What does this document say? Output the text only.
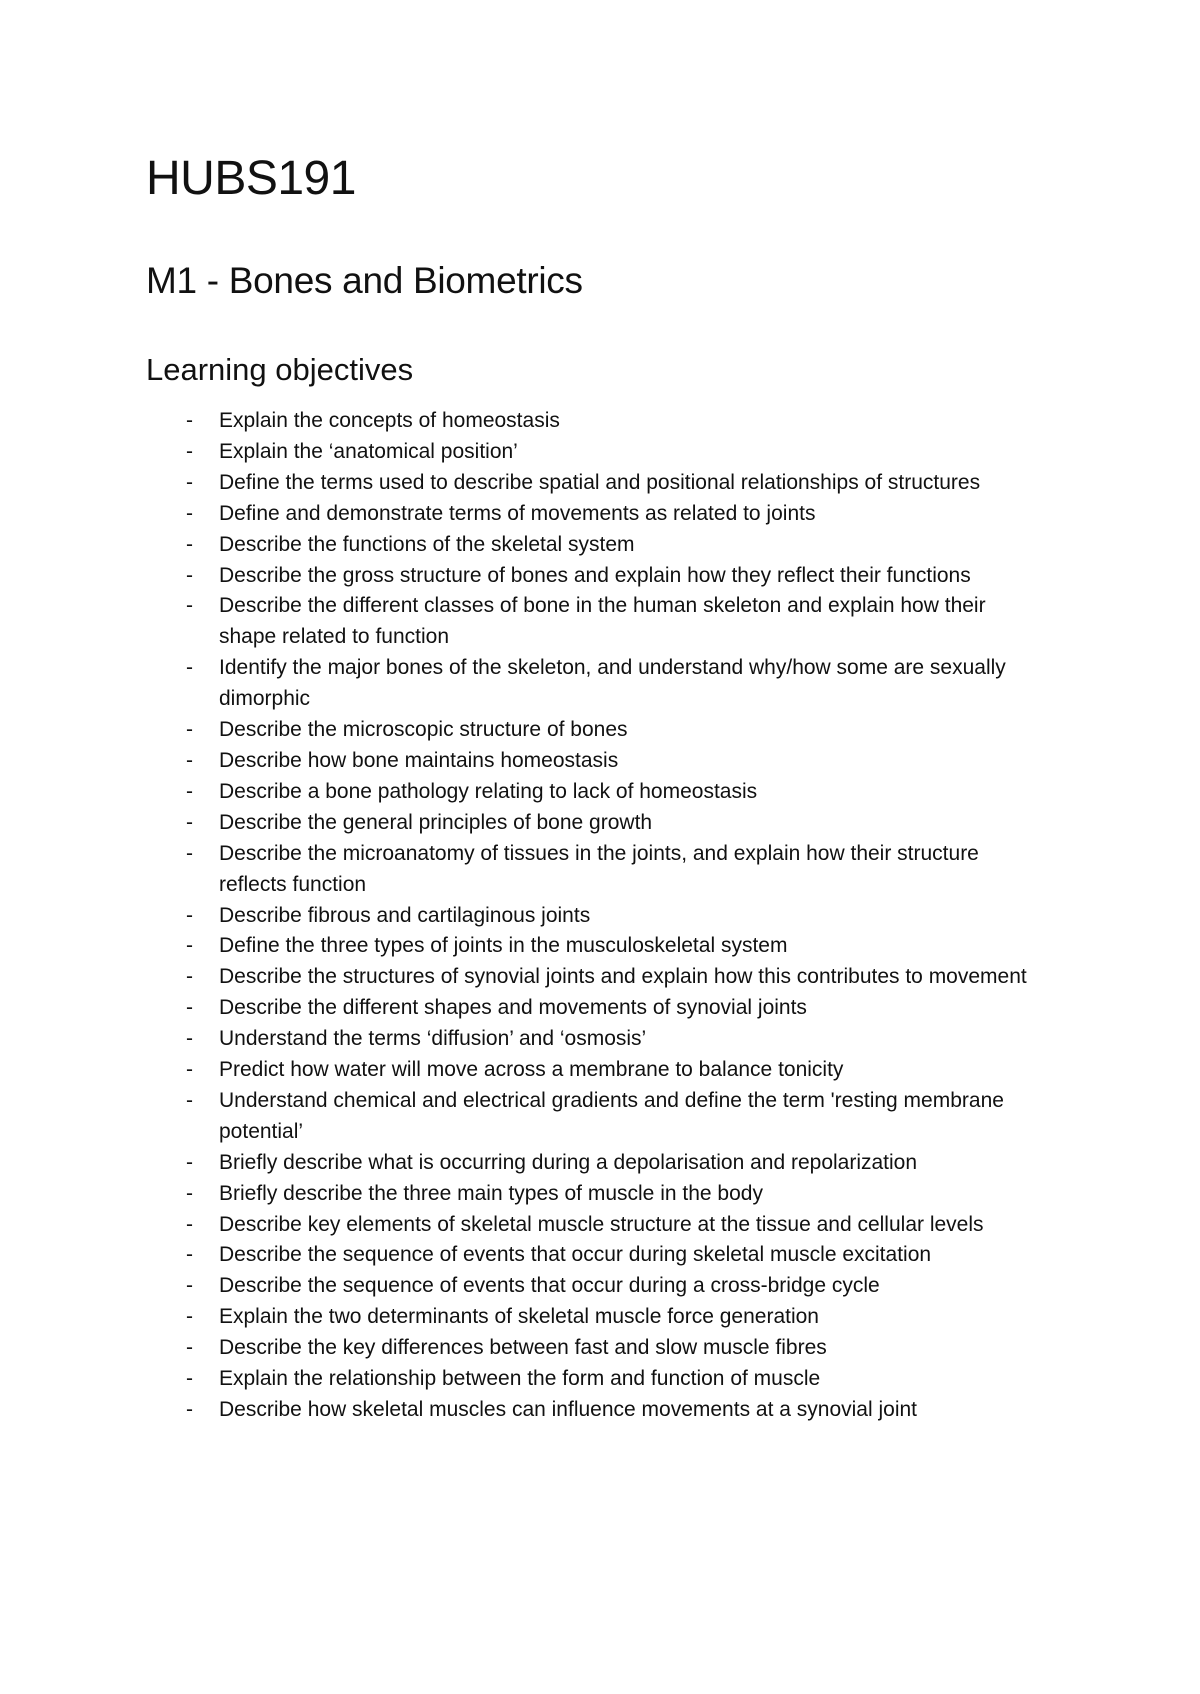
HUBS191
M1 - Bones and Biometrics
Learning objectives
- Explain the concepts of homeostasis
- Explain the ‘anatomical position’
- Define the terms used to describe spatial and positional relationships of structures
- Define and demonstrate terms of movements as related to joints
- Describe the functions of the skeletal system
- Describe the gross structure of bones and explain how they reflect their functions
- Describe the different classes of bone in the human skeleton and explain how their shape related to function
- Identify the major bones of the skeleton, and understand why/how some are sexually dimorphic
- Describe the microscopic structure of bones
- Describe how bone maintains homeostasis
- Describe a bone pathology relating to lack of homeostasis
- Describe the general principles of bone growth
- Describe the microanatomy of tissues in the joints, and explain how their structure reflects function
- Describe fibrous and cartilaginous joints
- Define the three types of joints in the musculoskeletal system
- Describe the structures of synovial joints and explain how this contributes to movement
- Describe the different shapes and movements of synovial joints
- Understand the terms ‘diffusion’ and ‘osmosis’
- Predict how water will move across a membrane to balance tonicity
- Understand chemical and electrical gradients and define the term 'resting membrane potential’
- Briefly describe what is occurring during a depolarisation and repolarization
- Briefly describe the three main types of muscle in the body
- Describe key elements of skeletal muscle structure at the tissue and cellular levels
- Describe the sequence of events that occur during skeletal muscle excitation
- Describe the sequence of events that occur during a cross-bridge cycle
- Explain the two determinants of skeletal muscle force generation
- Describe the key differences between fast and slow muscle fibres
- Explain the relationship between the form and function of muscle
- Describe how skeletal muscles can influence movements at a synovial joint
